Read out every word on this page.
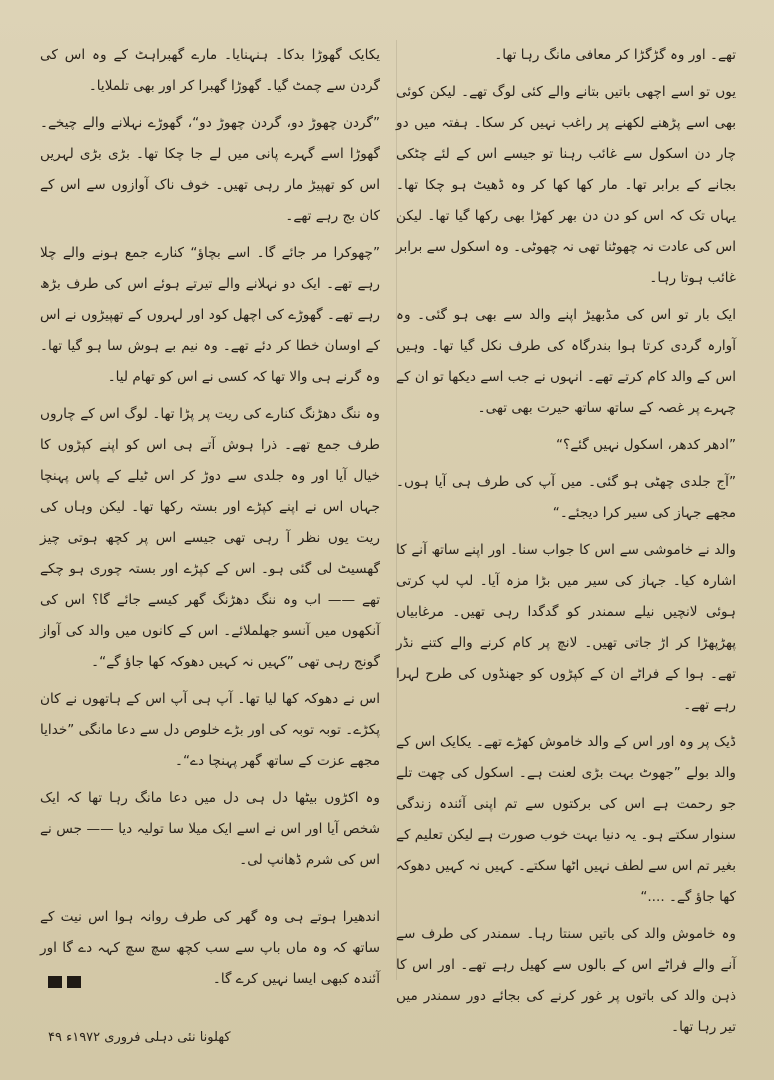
تھے۔ اور وہ گڑگڑا کر معافی مانگ رہا تھا۔

یوں تو اسے اچھی باتیں بتانے والے کئی لوگ تھے۔ لیکن کوئی بھی اسے پڑھنے لکھنے پر راغب نہیں کر سکا۔ ہفتہ میں دو چار دن اسکول سے غائب رہنا تو جیسے اس کے لئے چٹکی بجانے کے برابر تھا۔ مار کھا کھا کر وہ ڈھیٹ ہو چکا تھا۔ یہاں تک کہ اس کو دن دن بھر کھڑا بھی رکھا گیا تھا۔ لیکن اس کی عادت نہ چھوٹنا تھی نہ چھوٹی۔ وہ اسکول سے برابر غائب ہوتا رہا۔

ایک بار تو اس کی مڈبھیڑ اپنے والد سے بھی ہو گئی۔ وہ آوارہ گردی کرتا ہوا بندرگاہ کی طرف نکل گیا تھا۔ وہیں اس کے والد کام کرتے تھے۔ انہوں نے جب اسے دیکھا تو ان کے چہرے پر غصہ کے ساتھ ساتھ حیرت بھی تھی۔

”ادھر کدھر، اسکول نہیں گئے؟“

”آج جلدی چھٹی ہو گئی۔ میں آپ کی طرف ہی آیا ہوں۔ مجھے جہاز کی سیر کرا دیجئے۔“

والد نے خاموشی سے اس کا جواب سنا۔ اور اپنے ساتھ آنے کا اشارہ کیا۔ جہاز کی سیر میں بڑا مزہ آیا۔ لپ لپ کرتی ہوئی لانچیں نیلے سمندر کو گدگدا رہی تھیں۔ مرغابیاں پھڑپھڑا کر اڑ جاتی تھیں۔ لانچ پر کام کرنے والے کتنے نڈر تھے۔ ہوا کے فراٹے ان کے کپڑوں کو جھنڈوں کی طرح لہرا رہے تھے۔

ڈیک پر وہ اور اس کے والد خاموش کھڑے تھے۔ یکایک اس کے والد بولے ”جھوٹ بہت بڑی لعنت ہے۔ اسکول کی چھت تلے جو رحمت ہے اس کی برکتوں سے تم اپنی آئندہ زندگی سنوار سکتے ہو۔ یہ دنیا بہت خوب صورت ہے لیکن تعلیم کے بغیر تم اس سے لطف نہیں اٹھا سکتے۔ کہیں نہ کہیں دھوکہ کھا جاؤ گے۔ ....“

وہ خاموش والد کی باتیں سنتا رہا۔ سمندر کی طرف سے آنے والے فراٹے اس کے بالوں سے کھیل رہے تھے۔ اور اس کا ذہن والد کی باتوں پر غور کرنے کی بجائے دور سمندر میں تیر رہا تھا۔

یکایک گھوڑا بدکا۔ ہنہنایا۔ مارے گھبراہٹ کے وہ اس کی گردن سے چمٹ گیا۔ گھوڑا گھبرا کر اور بھی تلملایا۔

”گردن چھوڑ دو، گردن چھوڑ دو“، گھوڑے نہلانے والے چیخے۔ گھوڑا اسے گہرے پانی میں لے جا چکا تھا۔ بڑی بڑی لہریں اس کو تھپیڑ مار رہی تھیں۔ خوف ناک آوازوں سے اس کے کان بج رہے تھے۔

”چھوکرا مر جائے گا۔ اسے بچاؤ“ کنارے جمع ہونے والے چلا رہے تھے۔ ایک دو نہلانے والے تیرتے ہوئے اس کی طرف بڑھ رہے تھے۔ گھوڑے کی اچھل کود اور لہروں کے تھپیڑوں نے اس کے اوسان خطا کر دئے تھے۔ وہ نیم بے ہوش سا ہو گیا تھا۔ وہ گرنے ہی والا تھا کہ کسی نے اس کو تھام لیا۔

وہ ننگ دھڑنگ کنارے کی ریت پر پڑا تھا۔ لوگ اس کے چاروں طرف جمع تھے۔ ذرا ہوش آتے ہی اس کو اپنے کپڑوں کا خیال آیا اور وہ جلدی سے دوڑ کر اس ٹیلے کے پاس پہنچا جہاں اس نے اپنے کپڑے اور بستہ رکھا تھا۔ لیکن وہاں کی ریت یوں نظر آ رہی تھی جیسے اس پر کچھ ہوتی چیز گھسیٹ لی گئی ہو۔ اس کے کپڑے اور بستہ چوری ہو چکے تھے —— اب وہ ننگ دھڑنگ گھر کیسے جائے گا؟ اس کی آنکھوں میں آنسو جھلملائے۔ اس کے کانوں میں والد کی آواز گونج رہی تھی ”کہیں نہ کہیں دھوکہ کھا جاؤ گے“۔

اس نے دھوکہ کھا لیا تھا۔ آپ ہی آپ اس کے ہاتھوں نے کان پکڑے۔ توبہ توبہ کی اور بڑے خلوص دل سے دعا مانگی ”خدایا مجھے عزت کے ساتھ گھر پہنچا دے“۔

وہ اکڑوں بیٹھا دل ہی دل میں دعا مانگ رہا تھا کہ ایک شخص آیا اور اس نے اسے ایک میلا سا تولیہ دیا —— جس نے اس کی شرم ڈھانپ لی۔

اندھیرا ہوتے ہی وہ گھر کی طرف روانہ ہوا اس نیت کے ساتھ کہ وہ ماں باپ سے سب کچھ سچ سچ کہہ دے گا اور آئندہ کبھی ایسا نہیں کرے گا۔

کھلونا نئی دہلی فروری ۱۹۷۲ء ۴۹
